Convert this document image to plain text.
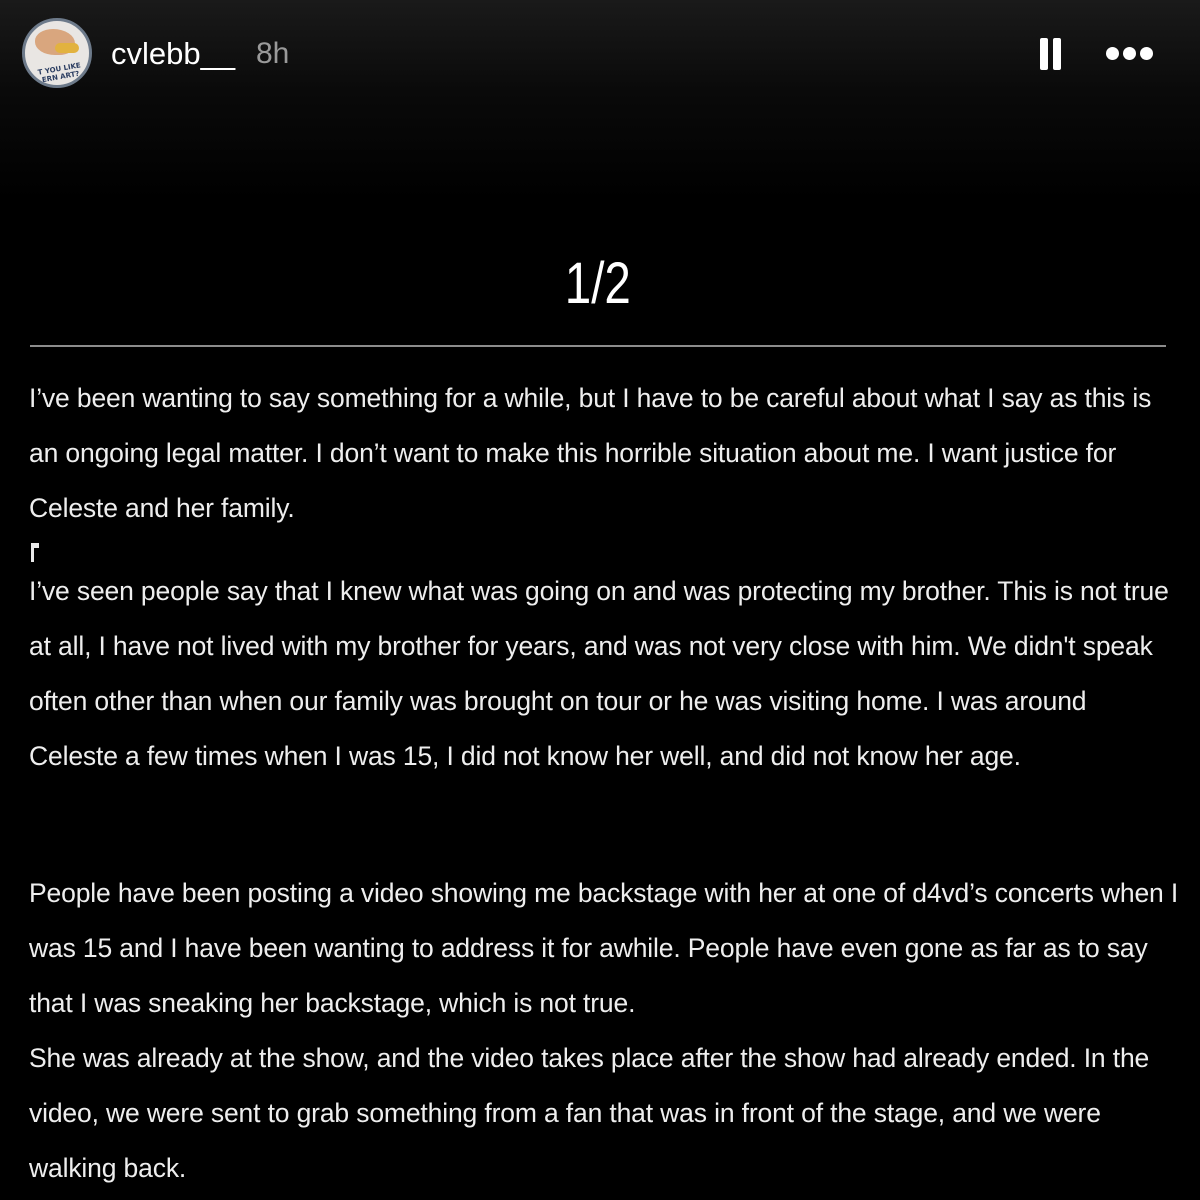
T YOU LIKE
ERN ART?
cvlebb__ 8h
1/2
I’ve been wanting to say something for a while, but I have to be careful about what I say as this is an ongoing legal matter. I don’t want to make this horrible situation about me. I want justice for Celeste and her family.
I’ve seen people say that I knew what was going on and was protecting my brother. This is not true at all, I have not lived with my brother for years, and was not very close with him. We didn't speak often other than when our family was brought on tour or he was visiting home. I was around Celeste a few times when I was 15, I did not know her well, and did not know her age.
People have been posting a video showing me backstage with her at one of d4vd’s concerts when I was 15 and I have been wanting to address it for awhile. People have even gone as far as to say that I was sneaking her backstage, which is not true.
She was already at the show, and the video takes place after the show had already ended. In the video, we were sent to grab something from a fan that was in front of the stage, and we were walking back.
